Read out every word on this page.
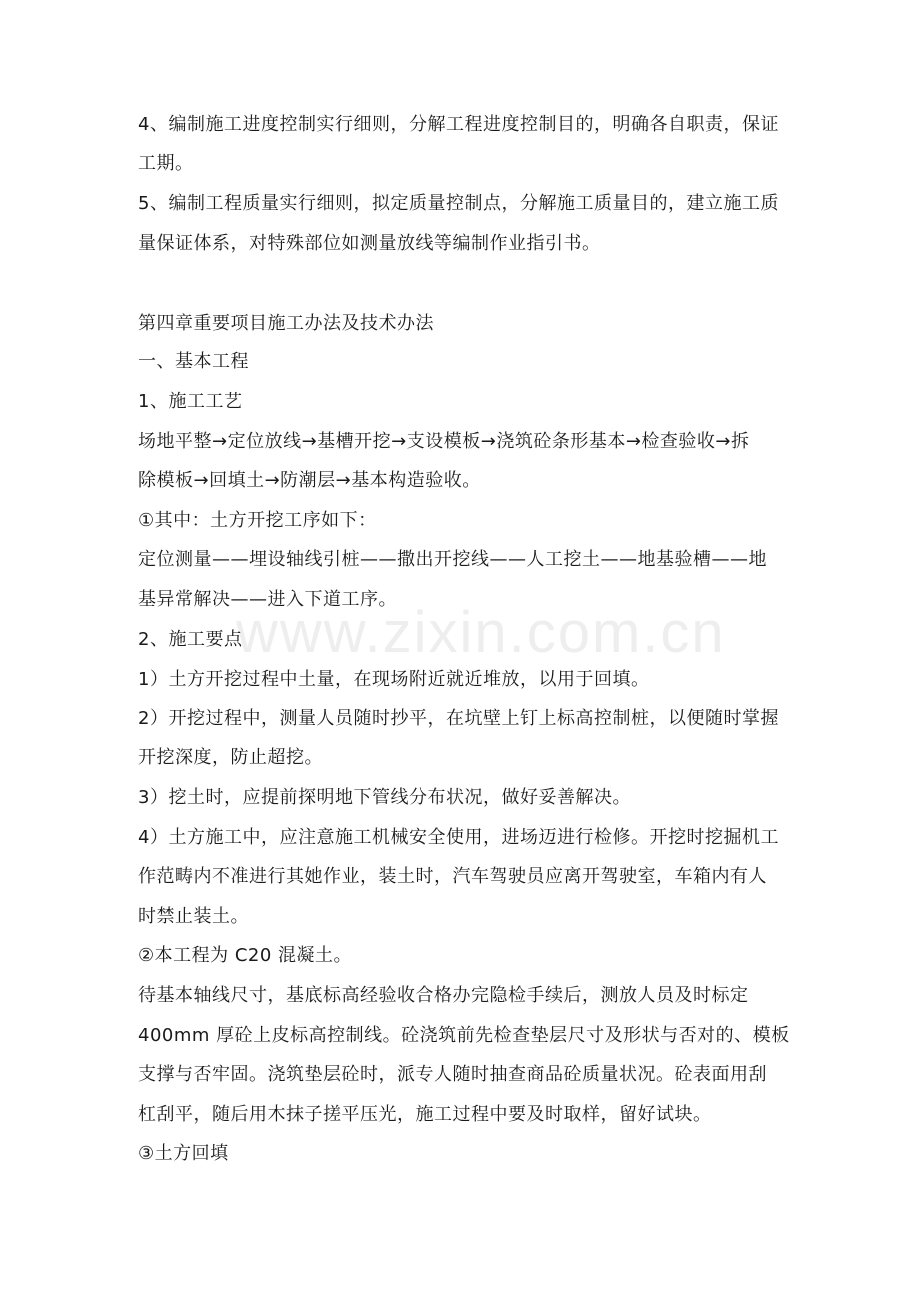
www.zixin.com.cn

4、编制施工进度控制实行细则，分解工程进度控制目的，明确各自职责，保证

工期。

5、编制工程质量实行细则，拟定质量控制点，分解施工质量目的，建立施工质

量保证体系，对特殊部位如测量放线等编制作业指引书。

第四章重要项目施工办法及技术办法

一、基本工程

1、施工工艺

场地平整→定位放线→基槽开挖→支设模板→浇筑砼条形基本→检查验收→拆

除模板→回填土→防潮层→基本构造验收。

①其中：土方开挖工序如下：

定位测量——埋设轴线引桩——撒出开挖线——人工挖土——地基验槽——地

基异常解决——进入下道工序。

2、施工要点

1）土方开挖过程中土量，在现场附近就近堆放，以用于回填。

2）开挖过程中，测量人员随时抄平，在坑壁上钉上标高控制桩，以便随时掌握

开挖深度，防止超挖。

3）挖土时，应提前探明地下管线分布状况，做好妥善解决。

4）土方施工中，应注意施工机械安全使用，进场迈进行检修。开挖时挖掘机工

作范畴内不准进行其她作业，装土时，汽车驾驶员应离开驾驶室，车箱内有人

时禁止装土。

②本工程为 C20 混凝土。

待基本轴线尺寸，基底标高经验收合格办完隐检手续后，测放人员及时标定

400mm 厚砼上皮标高控制线。砼浇筑前先检查垫层尺寸及形状与否对的、模板

支撑与否牢固。浇筑垫层砼时，派专人随时抽查商品砼质量状况。砼表面用刮

杠刮平，随后用木抹子搓平压光，施工过程中要及时取样，留好试块。

③土方回填
